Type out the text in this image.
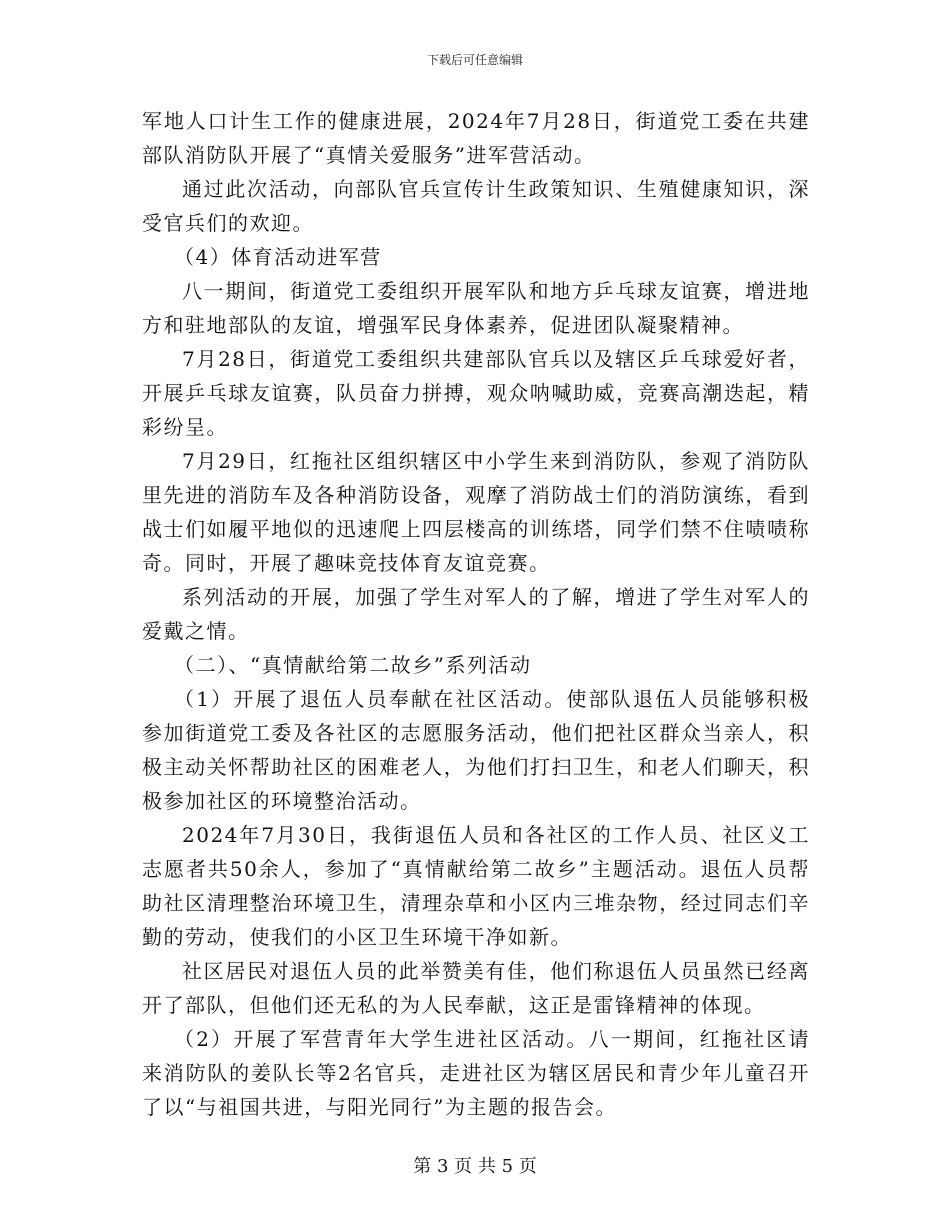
下载后可任意编辑

军地人口计生工作的健康进展，2024年7月28日，街道党工委在共建部队消防队开展了“真情关爱服务”进军营活动。

通过此次活动，向部队官兵宣传计生政策知识、生殖健康知识，深受官兵们的欢迎。

（4）体育活动进军营

八一期间，街道党工委组织开展军队和地方乒乓球友谊赛，增进地方和驻地部队的友谊，增强军民身体素养，促进团队凝聚精神。

7月28日，街道党工委组织共建部队官兵以及辖区乒乓球爱好者，开展乒乓球友谊赛，队员奋力拼搏，观众呐喊助威，竞赛高潮迭起，精彩纷呈。

7月29日，红拖社区组织辖区中小学生来到消防队，参观了消防队里先进的消防车及各种消防设备，观摩了消防战士们的消防演练，看到战士们如履平地似的迅速爬上四层楼高的训练塔，同学们禁不住啧啧称奇。同时，开展了趣味竞技体育友谊竞赛。

系列活动的开展，加强了学生对军人的了解，增进了学生对军人的爱戴之情。

（二）、“真情献给第二故乡”系列活动

（1）开展了退伍人员奉献在社区活动。使部队退伍人员能够积极参加街道党工委及各社区的志愿服务活动，他们把社区群众当亲人，积极主动关怀帮助社区的困难老人，为他们打扫卫生，和老人们聊天，积极参加社区的环境整治活动。

2024年7月30日，我街退伍人员和各社区的工作人员、社区义工志愿者共50余人，参加了“真情献给第二故乡”主题活动。退伍人员帮助社区清理整治环境卫生，清理杂草和小区内三堆杂物，经过同志们辛勤的劳动，使我们的小区卫生环境干净如新。

社区居民对退伍人员的此举赞美有佳，他们称退伍人员虽然已经离开了部队，但他们还无私的为人民奉献，这正是雷锋精神的体现。

（2）开展了军营青年大学生进社区活动。八一期间，红拖社区请来消防队的姜队长等2名官兵，走进社区为辖区居民和青少年儿童召开了以“与祖国共进，与阳光同行”为主题的报告会。

第 3 页 共 5 页
